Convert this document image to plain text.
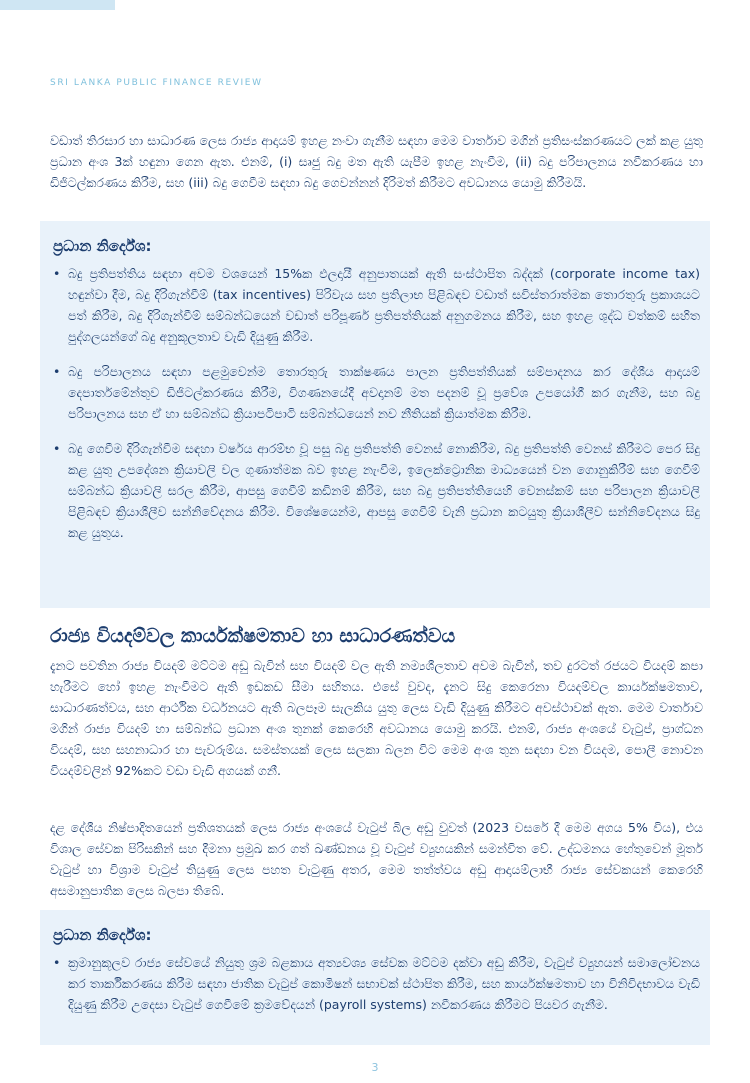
SRI LANKA PUBLIC FINANCE REVIEW

වඩාත් තිරසාර හා සාධාරණ ලෙස රාජ්‍ය ආදායම් ඉහළ නංවා ගැනීම සඳහා මෙම වාර්තාව මගින් ප්‍රතිසංස්කරණයට ලක් කළ යුතු ප්‍රධාන අංශ 3ක් හඳුනා ගෙන ඇත. එනම්, (i) සෘජු බදු මත ඇති යැපීම ඉහළ නැංවීම, (ii) බදු පරිපාලනය නවීකරණය හා ඩිජිටල්කරණය කිරීම, සහ (iii) බදු ගෙවීම සඳහා බදු ගෙවන්නන් දිරිමත් කිරීමට අවධානය යොමු කිරීමයි.

ප්‍රධාන නිර්දේශ:
• බදු ප්‍රතිපත්තිය සඳහා අවම වශයෙන් 15%ක ඵලදායී අනුපාතයක් ඇති සංස්ථාපිත බද්දක් (corporate income tax) හඳුන්වා දීම, බදු දිරිගැන්වීම් (tax incentives) පිරිවැය සහ ප්‍රතිලාභ පිළිබඳව වඩාත් සවිස්තරාත්මක තොරතුරු ප්‍රකාශයට පත් කිරීම, බදු දිරිගැන්වීම් සම්බන්ධයෙන් වඩාත් පරිපූර්ණ ප්‍රතිපත්තියක් අනුගමනය කිරීම, සහ ඉහළ ශුද්ධ වත්කම් සහිත පුද්ගලයන්ගේ බදු අනුකූලතාව වැඩි දියුණු කිරීම.
• බදු පරිපාලනය සඳහා පළමුවෙන්ම තොරතුරු තාක්ෂණය පාලන ප්‍රතිපත්තියක් සම්පාදනය කර දේශීය ආදායම් දෙපාර්තමේන්තුව ඩිජිටල්කරණය කිරීම, විගණනයේදී අවදානම් මත පදනම් වූ ප්‍රවේශ උපයෝගී කර ගැනීම, සහ බදු පරිපාලනය සහ ඒ හා සම්බන්ධ ක්‍රියාපටිපාටි සම්බන්ධයෙන් නව නීතියක් ක්‍රියාත්මක කිරීම.
• බදු ගෙවීම දිරිගැන්වීම සඳහා වර්ෂය ආරම්භ වූ පසු බදු ප්‍රතිපත්ති වෙනස් නොකිරීම, බදු ප්‍රතිපත්ති වෙනස් කිරීමට පෙර සිදු කළ යුතු උපදේශන ක්‍රියාවලි වල ගුණාත්මක බව ඉහළ නැංවීම, ඉලෙක්ට්‍රොනික මාධ්‍යයෙන් වන ගොනුකිරීම් සහ ගෙවීම් සම්බන්ධ ක්‍රියාවලි සරල කිරීම, ආපසු ගෙවීම් කඩිනම් කිරීම, සහ බදු ප්‍රතිපත්තියෙහි වෙනස්කම් සහ පරිපාලන ක්‍රියාවලි පිළිබඳව ක්‍රියාශීලීව සන්නිවේදනය කිරීම. විශේෂයෙන්ම, ආපසු ගෙවීම් වැනි ප්‍රධාන කටයුතු ක්‍රියාශීලීව සන්නිවේදනය සිදු කළ යුතුය.
රාජ්‍ය වියදම්වල කාර්යක්ෂමතාව හා සාධාරණත්වය

දැනට පවතින රාජ්‍ය වියදම් මට්ටම අඩු බැවින් සහ වියදම් වල ඇති නම්‍යශීලතාව අවම බැවින්, තව දුරටත් රජයට වියදම් කපා හැරීමට හෝ ඉහළ නැංවීමට ඇති ඉඩකඩ සීමා සහිතය. එසේ වුවද, දැනට සිදු කෙරෙනා වියදම්වල කාර්යක්ෂමතාව, සාධාරණත්වය, සහ ආර්ථික වර්ධනයට ඇති බලපෑම සැලකිය යුතු ලෙස වැඩි දියුණු කිරීමට අවස්ථාවක් ඇත. මෙම වාර්තාව මගින් රාජ්‍ය වියදම් හා සම්බන්ධ ප්‍රධාන අංශ තුනක් කෙරෙහි අවධානය යොමු කරයි. එනම්, රාජ්‍ය අංශයේ වැටුප්, ප්‍රාග්ධන වියදම්, සහ සහනාධාර හා පැවරුම්ය. සමස්තයක් ලෙස සලකා බලන විට මෙම අංශ තුන සඳහා වන වියදම, පොලී නොවන වියදම්වලින් 92%කට වඩා වැඩි අගයක් ගනී.

දළ දේශීය නිෂ්පාදිතයෙන් ප්‍රතිශතයක් ලෙස රාජ්‍ය අංශයේ වැටුප් බිල අඩු වුවත් (2023 වසරේ දී මෙම අගය 5% විය), එය විශාල සේවක පිරිසකින් සහ දීමනා ප්‍රමුඛ කර ගත් ඛණ්ඩනය වූ වැටුප් ව්‍යුහයකින් සමන්විත වේ. උද්ධමනය හේතුවෙන් මූර්ත වැටුප් හා විශ්‍රාම වැටුප් තියුණු ලෙස පහත වැටුණු අතර, මෙම තත්ත්වය අඩු ආදායම්ලාභී රාජ්‍ය සේවකයන් කෙරෙහි අසමානුපාතික ලෙස බලපා තිබේ.

ප්‍රධාන නිර්දේශ:
• ක්‍රමානුකූලව රාජ්‍ය සේවයේ නියුතු ශ්‍රම බළකාය අත්‍යවශ්‍ය සේවක මට්ටම දක්වා අඩු කිරීම, වැටුප් ව්‍යුහයන් සමාලෝචනය කර තාර්කීකරණය කිරීම සඳහා ජාතික වැටුප් කොමිෂන් සභාවක් ස්ථාපිත කිරීම, සහ කාර්යක්ෂමතාව හා විනිවිදභාවය වැඩි දියුණු කිරීම උදෙසා වැටුප් ගෙවීමේ ක්‍රමවේදයන් (payroll systems) නවීකරණය කිරීමට පියවර ගැනීම.
3
